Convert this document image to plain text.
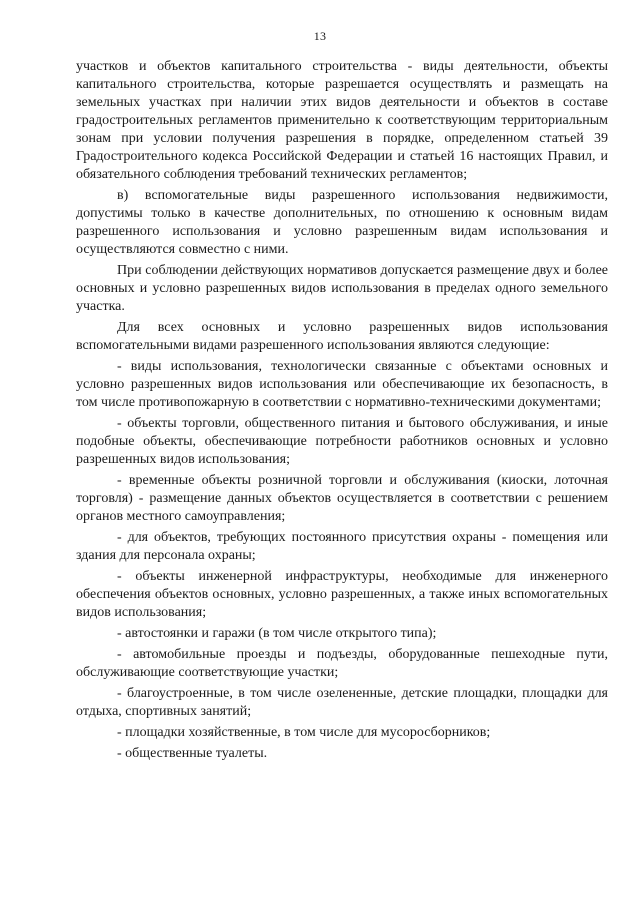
13

участков и объектов капитального строительства - виды деятельности, объекты капитального строительства, которые разрешается осуществлять и размещать на земельных участках при наличии этих видов деятельности и объектов в составе градостроительных регламентов применительно к соответствующим территориальным зонам при условии получения разрешения в порядке, определенном статьей 39 Градостроительного кодекса Российской Федерации и статьей 16 настоящих Правил, и обязательного соблюдения требований технических регламентов;

в) вспомогательные виды разрешенного использования недвижимости, допустимы только в качестве дополнительных, по отношению к основным видам разрешенного использования и условно разрешенным видам использования и осуществляются совместно с ними.

При соблюдении действующих нормативов допускается размещение двух и более основных и условно разрешенных видов использования в пределах одного земельного участка.

Для всех основных и условно разрешенных видов использования вспомогательными видами разрешенного использования являются следующие:

- виды использования, технологически связанные с объектами основных и условно разрешенных видов использования или обеспечивающие их безопасность, в том числе противопожарную в соответствии с нормативно-техническими документами;

- объекты торговли, общественного питания и бытового обслуживания, и иные подобные объекты, обеспечивающие потребности работников основных и условно разрешенных видов использования;

- временные объекты розничной торговли и обслуживания (киоски, лоточная торговля) - размещение данных объектов осуществляется в соответствии с решением органов местного самоуправления;

- для объектов, требующих постоянного присутствия охраны - помещения или здания для персонала охраны;

- объекты инженерной инфраструктуры, необходимые для инженерного обеспечения объектов основных, условно разрешенных, а также иных вспомогательных видов использования;

- автостоянки и гаражи (в том числе открытого типа);

- автомобильные проезды и подъезды, оборудованные пешеходные пути, обслуживающие соответствующие участки;

- благоустроенные, в том числе озелененные, детские площадки, площадки для отдыха, спортивных занятий;

- площадки хозяйственные, в том числе для мусоросборников;

- общественные туалеты.
